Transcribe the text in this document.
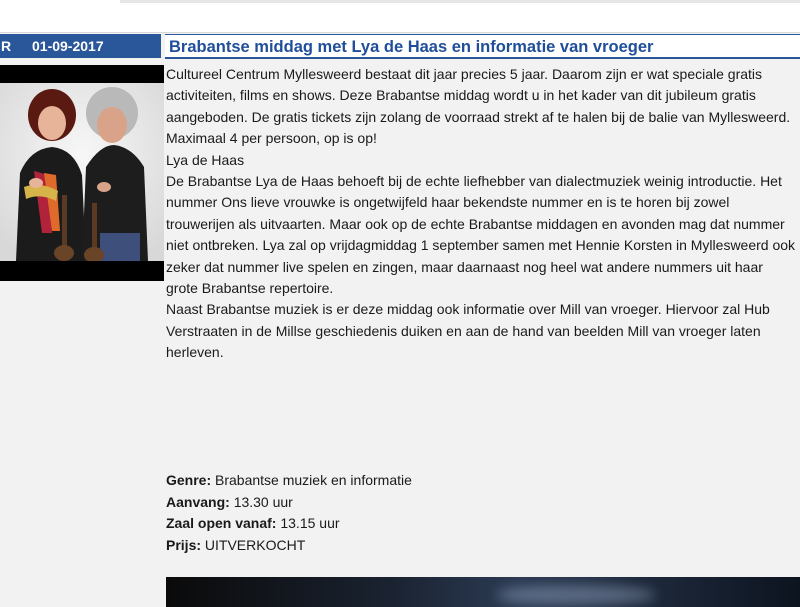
R 01-09-2017	Brabantse middag met Lya de Haas en informatie van vroeger

Cultureel Centrum Myllesweerd bestaat dit jaar precies 5 jaar. Daarom zijn er wat speciale gratis activiteiten, films en shows. Deze Brabantse middag wordt u in het kader van dit jubileum gratis aangeboden. De gratis tickets zijn zolang de voorraad strekt af te halen bij de balie van Myllesweerd. Maximaal 4 per persoon, op is op!

Lya de Haas

De Brabantse Lya de Haas behoeft bij de echte liefhebber van dialectmuziek weinig introductie. Het nummer Ons lieve vrouwke is ongetwijfeld haar bekendste nummer en is te horen bij zowel trouwerijen als uitvaarten. Maar ook op de echte Brabantse middagen en avonden mag dat nummer niet ontbreken. Lya zal op vrijdagmiddag 1 september samen met Hennie Korsten in Myllesweerd ook zeker dat nummer live spelen en zingen, maar daarnaast nog heel wat andere nummers uit haar grote Brabantse repertoire.

Naast Brabantse muziek is er deze middag ook informatie over Mill van vroeger. Hiervoor zal Hub Verstraaten in de Millse geschiedenis duiken en aan de hand van beelden Mill van vroeger laten herleven.

Genre: Brabantse muziek en informatie
Aanvang: 13.30 uur
Zaal open vanaf: 13.15 uur
Prijs: UITVERKOCHT
